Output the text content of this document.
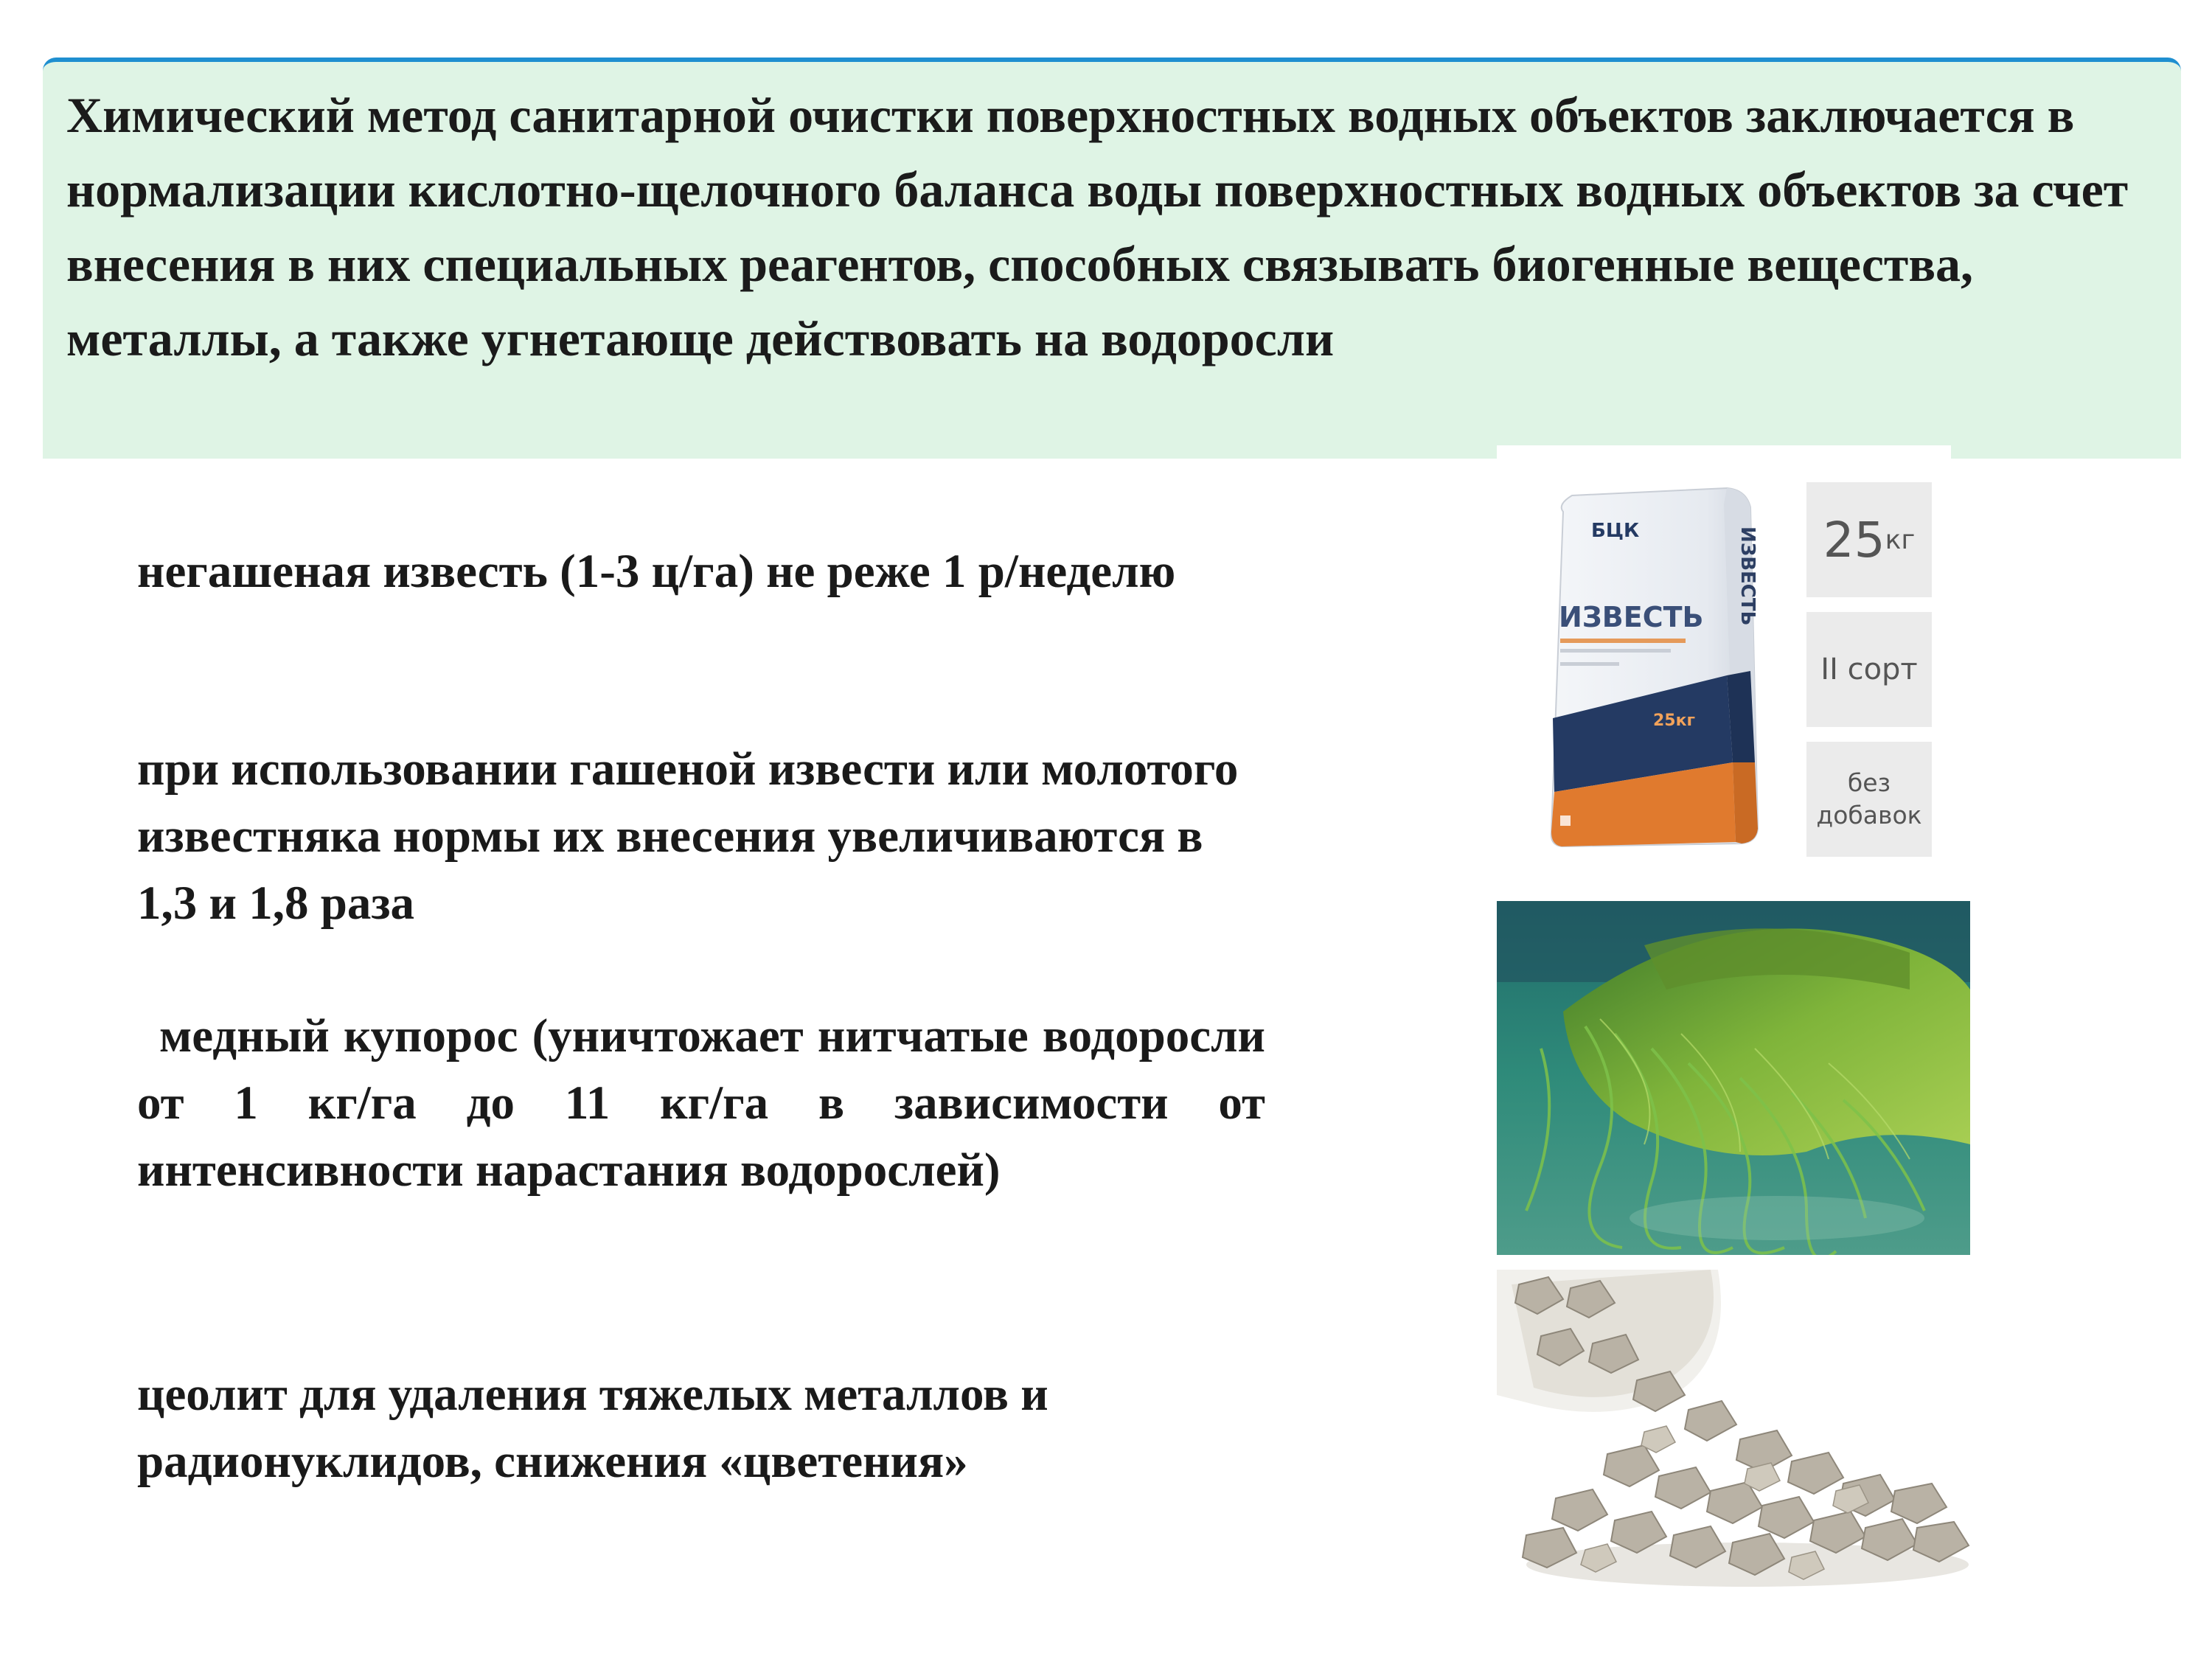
Химический метод санитарной очистки поверхностных водных объектов заключается в нормализации кислотно-щелочного баланса воды поверхностных водных объектов за счет внесения в них специальных реагентов, способных связывать биогенные вещества, металлы, а также угнетающе действовать на водоросли

негашеная известь (1-3 ц/га) не реже 1 р/неделю

при использовании гашеной извести или молотого известняка нормы их внесения увеличиваются в 1,3 и 1,8 раза

медный купорос (уничтожает нитчатые водоросли от 1 кг/га до 11 кг/га в зависимости от интенсивности нарастания водорослей)

цеолит для удаления тяжелых металлов и радионуклидов, снижения «цветения»

БЦК
ИЗВЕСТЬ
25кг
ИЗВЕСТЬ 25 кг
II сорт
без
добавок
